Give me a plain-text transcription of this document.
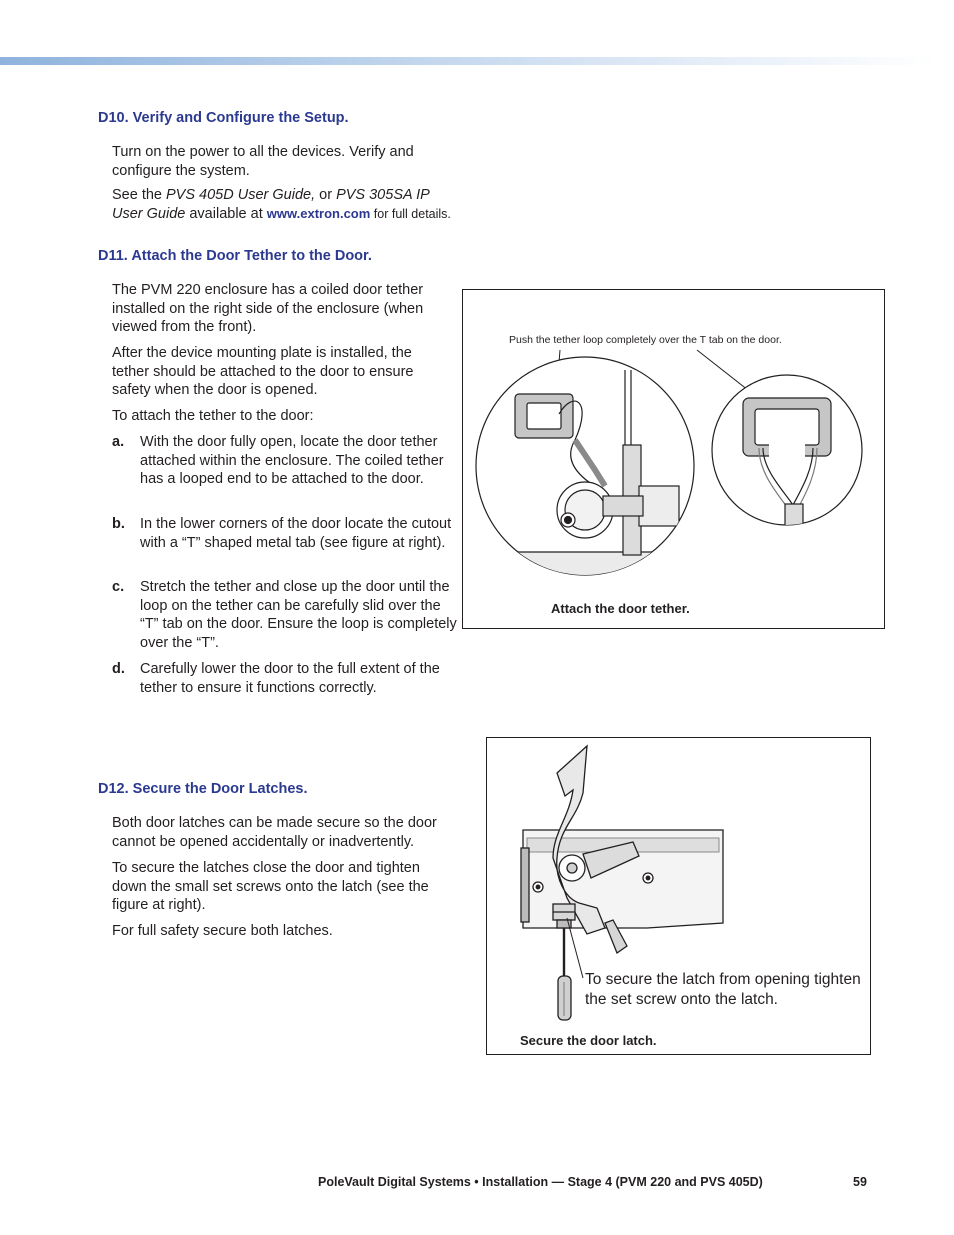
D10. Verify and Configure the Setup.

Turn on the power to all the devices. Verify and configure the system.

See the PVS 405D User Guide, or PVS 305SA IP User Guide available at www.extron.com for full details.

D11. Attach the Door Tether to the Door.

The PVM 220 enclosure has a coiled door tether installed on the right side of the enclosure (when viewed from the front).

After the device mounting plate is installed, the tether should be attached to the door to ensure safety when the door is opened.

To attach the tether to the door:

a. With the door fully open, locate the door tether attached within the enclosure. The coiled tether has a looped end to be attached to the door.

b. In the lower corners of the door locate the cutout with a “T” shaped metal tab (see figure at right).

c. Stretch the tether and close up the door until the loop on the tether can be carefully slid over the “T” tab on the door. Ensure the loop is completely over the “T”.

d. Carefully lower the door to the full extent of the tether to ensure it functions correctly.

Push the tether loop completely over the T tab on the door.
Attach the door tether.
D12. Secure the Door Latches.

Both door latches can be made secure so the door cannot be opened accidentally or inadvertently.

To secure the latches close the door and tighten down the small set screws onto the latch (see the figure at right).

For full safety secure both latches.

To secure the latch from opening tighten the set screw onto the latch.
Secure the door latch.
PoleVault Digital Systems • Installation — Stage 4 (PVM 220 and PVS 405D)	59
